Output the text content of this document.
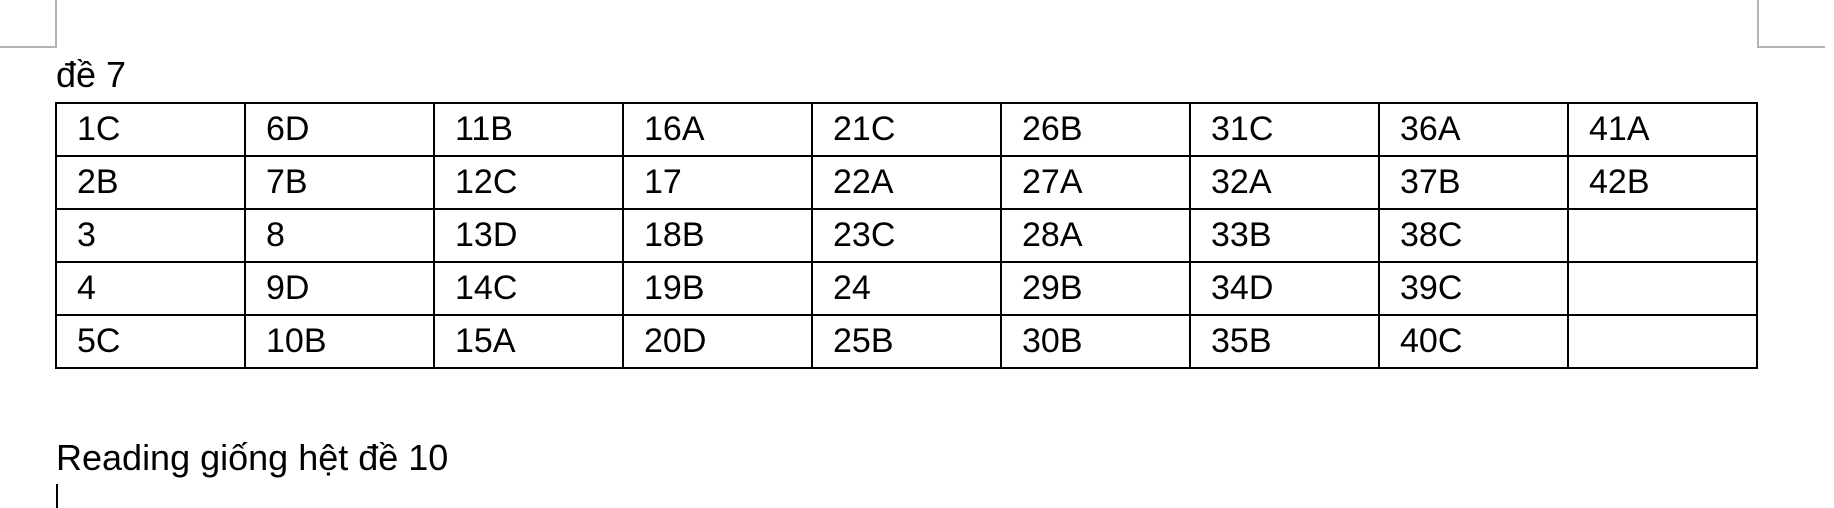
đề 7
1C	6D	11B	16A	21C	26B	31C	36A	41A
2B	7B	12C	17	22A	27A	32A	37B	42B
3	8	13D	18B	23C	28A	33B	38C	
4	9D	14C	19B	24	29B	34D	39C	
5C	10B	15A	20D	25B	30B	35B	40C	
Reading giống hệt đề 10
